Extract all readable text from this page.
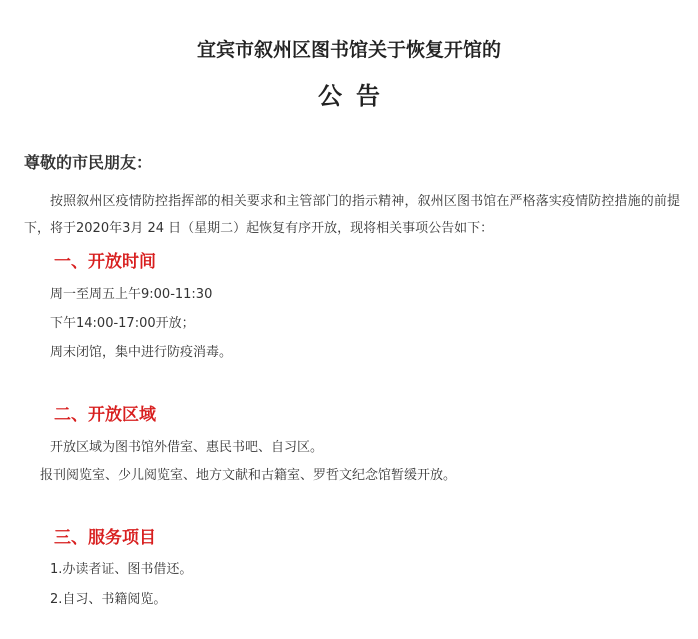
宜宾市叙州区图书馆关于恢复开馆的
公告

尊敬的市民朋友：

按照叙州区疫情防控指挥部的相关要求和主管部门的指示精神，叙州区图书馆在严格落实疫情防控措施的前提下，将于2020年3月 24 日（星期二）起恢复有序开放，现将相关事项公告如下：

一、开放时间

周一至周五上午9:00-11:30

下午14:00-17:00开放；

周末闭馆，集中进行防疫消毒。

二、开放区域

开放区域为图书馆外借室、惠民书吧、自习区。

报刊阅览室、少儿阅览室、地方文献和古籍室、罗哲文纪念馆暂缓开放。

三、服务项目

1.办读者证、图书借还。

2.自习、书籍阅览。
